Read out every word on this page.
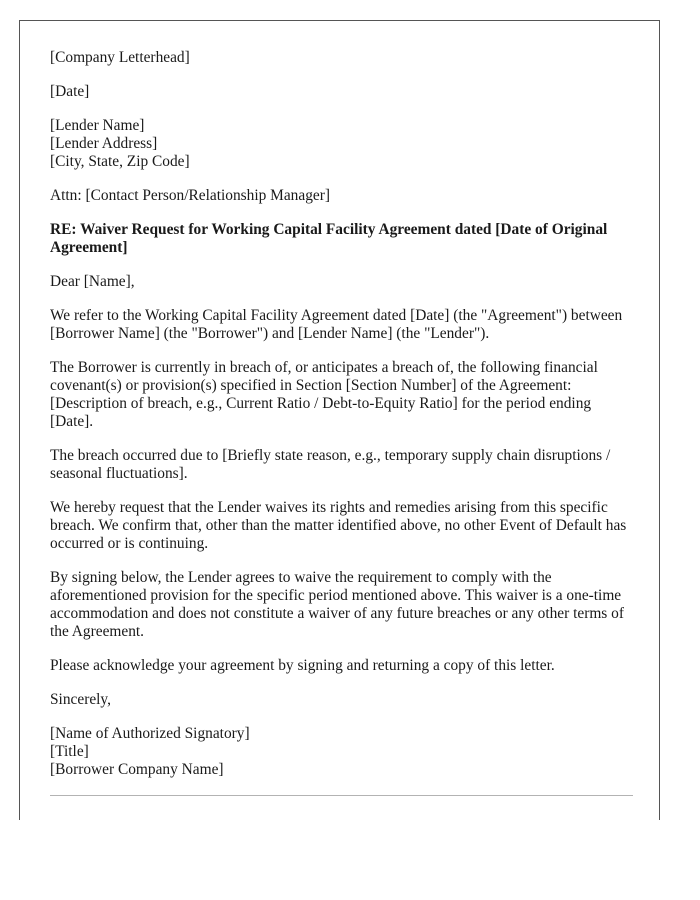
[Company Letterhead]
[Date]
[Lender Name]
[Lender Address]
[City, State, Zip Code]
Attn: [Contact Person/Relationship Manager]
RE: Waiver Request for Working Capital Facility Agreement dated [Date of Original Agreement]
Dear [Name],
We refer to the Working Capital Facility Agreement dated [Date] (the "Agreement") between [Borrower Name] (the "Borrower") and [Lender Name] (the "Lender").
The Borrower is currently in breach of, or anticipates a breach of, the following financial covenant(s) or provision(s) specified in Section [Section Number] of the Agreement: [Description of breach, e.g., Current Ratio / Debt-to-Equity Ratio] for the period ending [Date].
The breach occurred due to [Briefly state reason, e.g., temporary supply chain disruptions / seasonal fluctuations].
We hereby request that the Lender waives its rights and remedies arising from this specific breach. We confirm that, other than the matter identified above, no other Event of Default has occurred or is continuing.
By signing below, the Lender agrees to waive the requirement to comply with the aforementioned provision for the specific period mentioned above. This waiver is a one-time accommodation and does not constitute a waiver of any future breaches or any other terms of the Agreement.
Please acknowledge your agreement by signing and returning a copy of this letter.
Sincerely,
[Name of Authorized Signatory]
[Title]
[Borrower Company Name]
